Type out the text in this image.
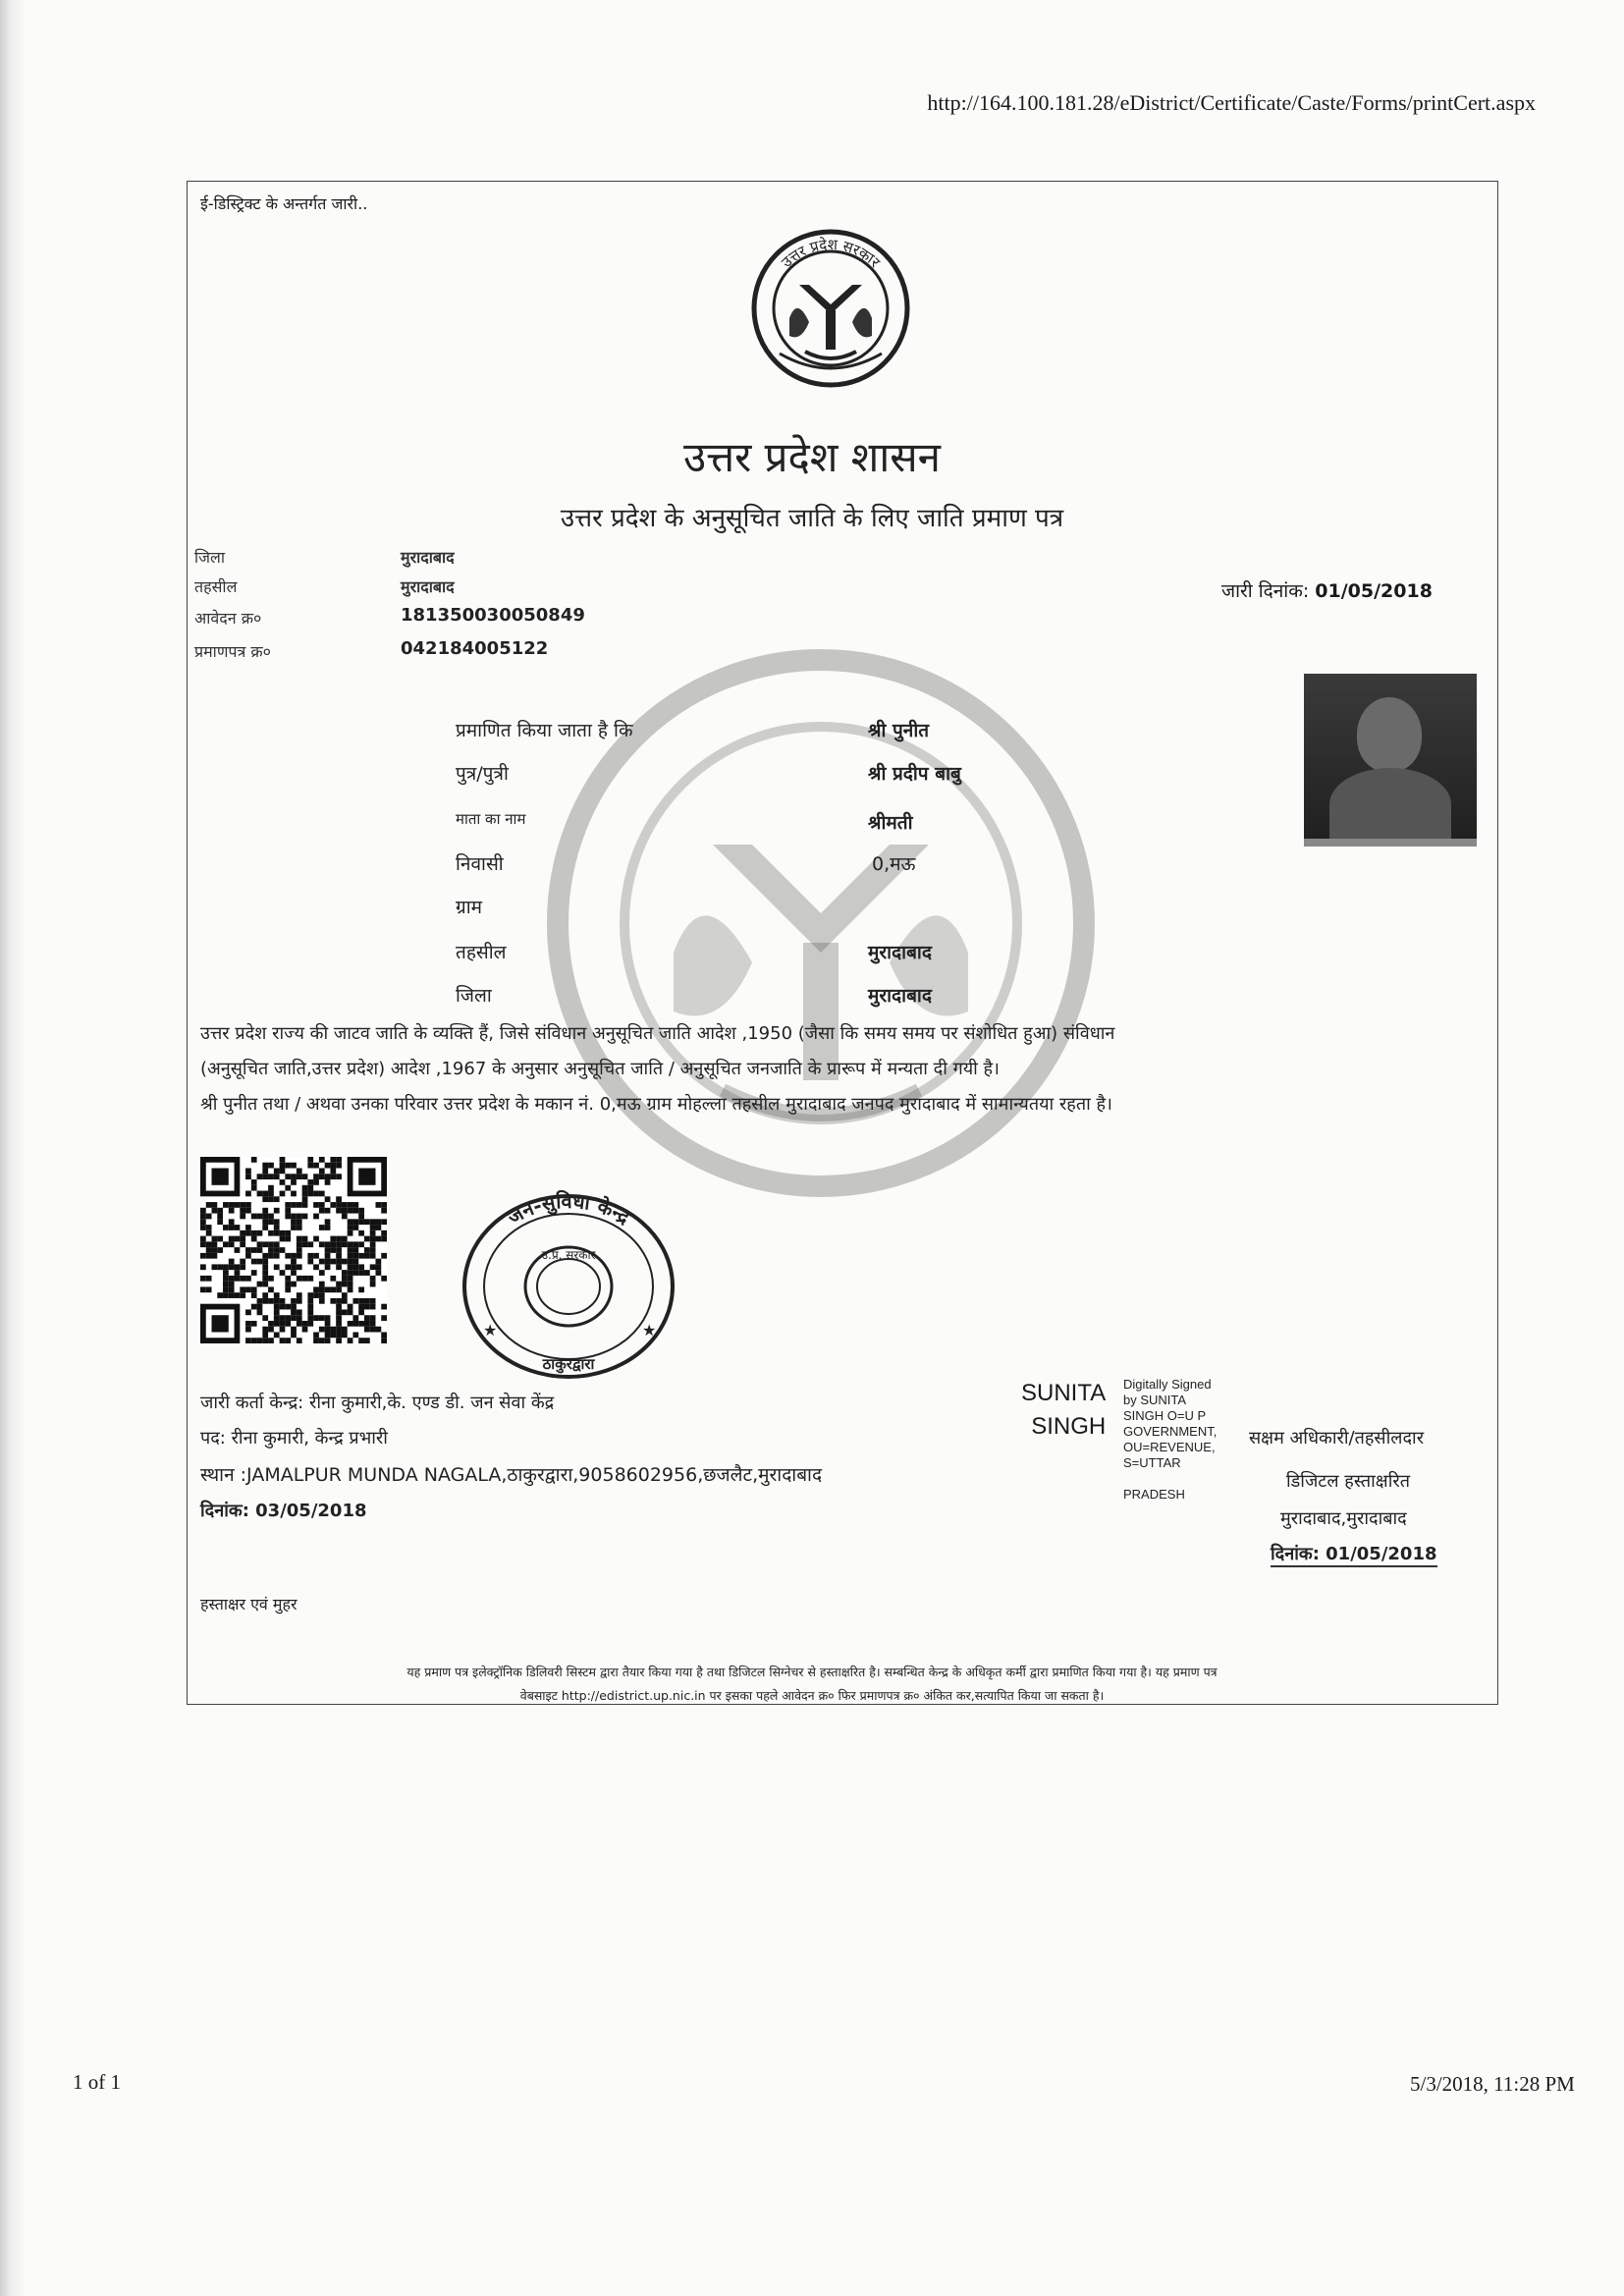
http://164.100.181.28/eDistrict/Certificate/Caste/Forms/printCert.aspx
1 of 1	5/3/2018, 11:28 PM
ई-डिस्ट्रिक्ट के अन्तर्गत जारी..
उत्तर प्रदेश सरकार
उत्तर प्रदेश शासन
उत्तर प्रदेश के अनुसूचित जाति के लिए जाति प्रमाण पत्र
जिला	मुरादाबाद
तहसील	मुरादाबाद
आवेदन क्र०	181350030050849
प्रमाणपत्र क्र०	042184005122
जारी दिनांक: 01/05/2018
प्रमाणित किया जाता है कि	श्री पुनीत
पुत्र/पुत्री	श्री प्रदीप बाबु
माता का नाम	श्रीमती
निवासी	0,मऊ
ग्राम
तहसील	मुरादाबाद
जिला	मुरादाबाद
उत्तर प्रदेश राज्य की जाटव जाति के व्यक्ति हैं, जिसे संविधान अनुसूचित जाति आदेश ,1950 (जैसा कि समय समय पर संशोधित हुआ) संविधान
(अनुसूचित जाति,उत्तर प्रदेश) आदेश ,1967 के अनुसार अनुसूचित जाति / अनुसूचित जनजाति के प्रारूप में मन्यता दी गयी है।
श्री पुनीत तथा / अथवा उनका परिवार उत्तर प्रदेश के मकान नं. 0,मऊ ग्राम मोहल्ला तहसील मुरादाबाद जनपद मुरादाबाद में सामान्यतया रहता है।
जन-सुविधा केन्द्र
उ.प्र. सरकार
ठाकुरद्वारा
★	★
जारी कर्ता केन्द्र: रीना कुमारी,के. एण्ड डी. जन सेवा केंद्र
पद: रीना कुमारी, केन्द्र प्रभारी
स्थान :JAMALPUR MUNDA NAGALA,ठाकुरद्वारा,9058602956,छजलैट,मुरादाबाद
दिनांक: 03/05/2018
हस्ताक्षर एवं मुहर
SUNITA
SINGH
Digitally Signed
by SUNITA
SINGH O=U P
GOVERNMENT,
OU=REVENUE,
S=UTTAR
PRADESH
सक्षम अधिकारी/तहसीलदार
डिजिटल हस्ताक्षरित
मुरादाबाद,मुरादाबाद
दिनांक: 01/05/2018
यह प्रमाण पत्र इलेक्ट्रॉनिक डिलिवरी सिस्टम द्वारा तैयार किया गया है तथा डिजिटल सिग्नेचर से हस्ताक्षरित है। सम्बन्धित केन्द्र के अधिकृत कर्मी द्वारा प्रमाणित किया गया है। यह प्रमाण पत्र
वेबसाइट http://edistrict.up.nic.in पर इसका पहले आवेदन क्र० फिर प्रमाणपत्र क्र० अंकित कर,सत्यापित किया जा सकता है।
